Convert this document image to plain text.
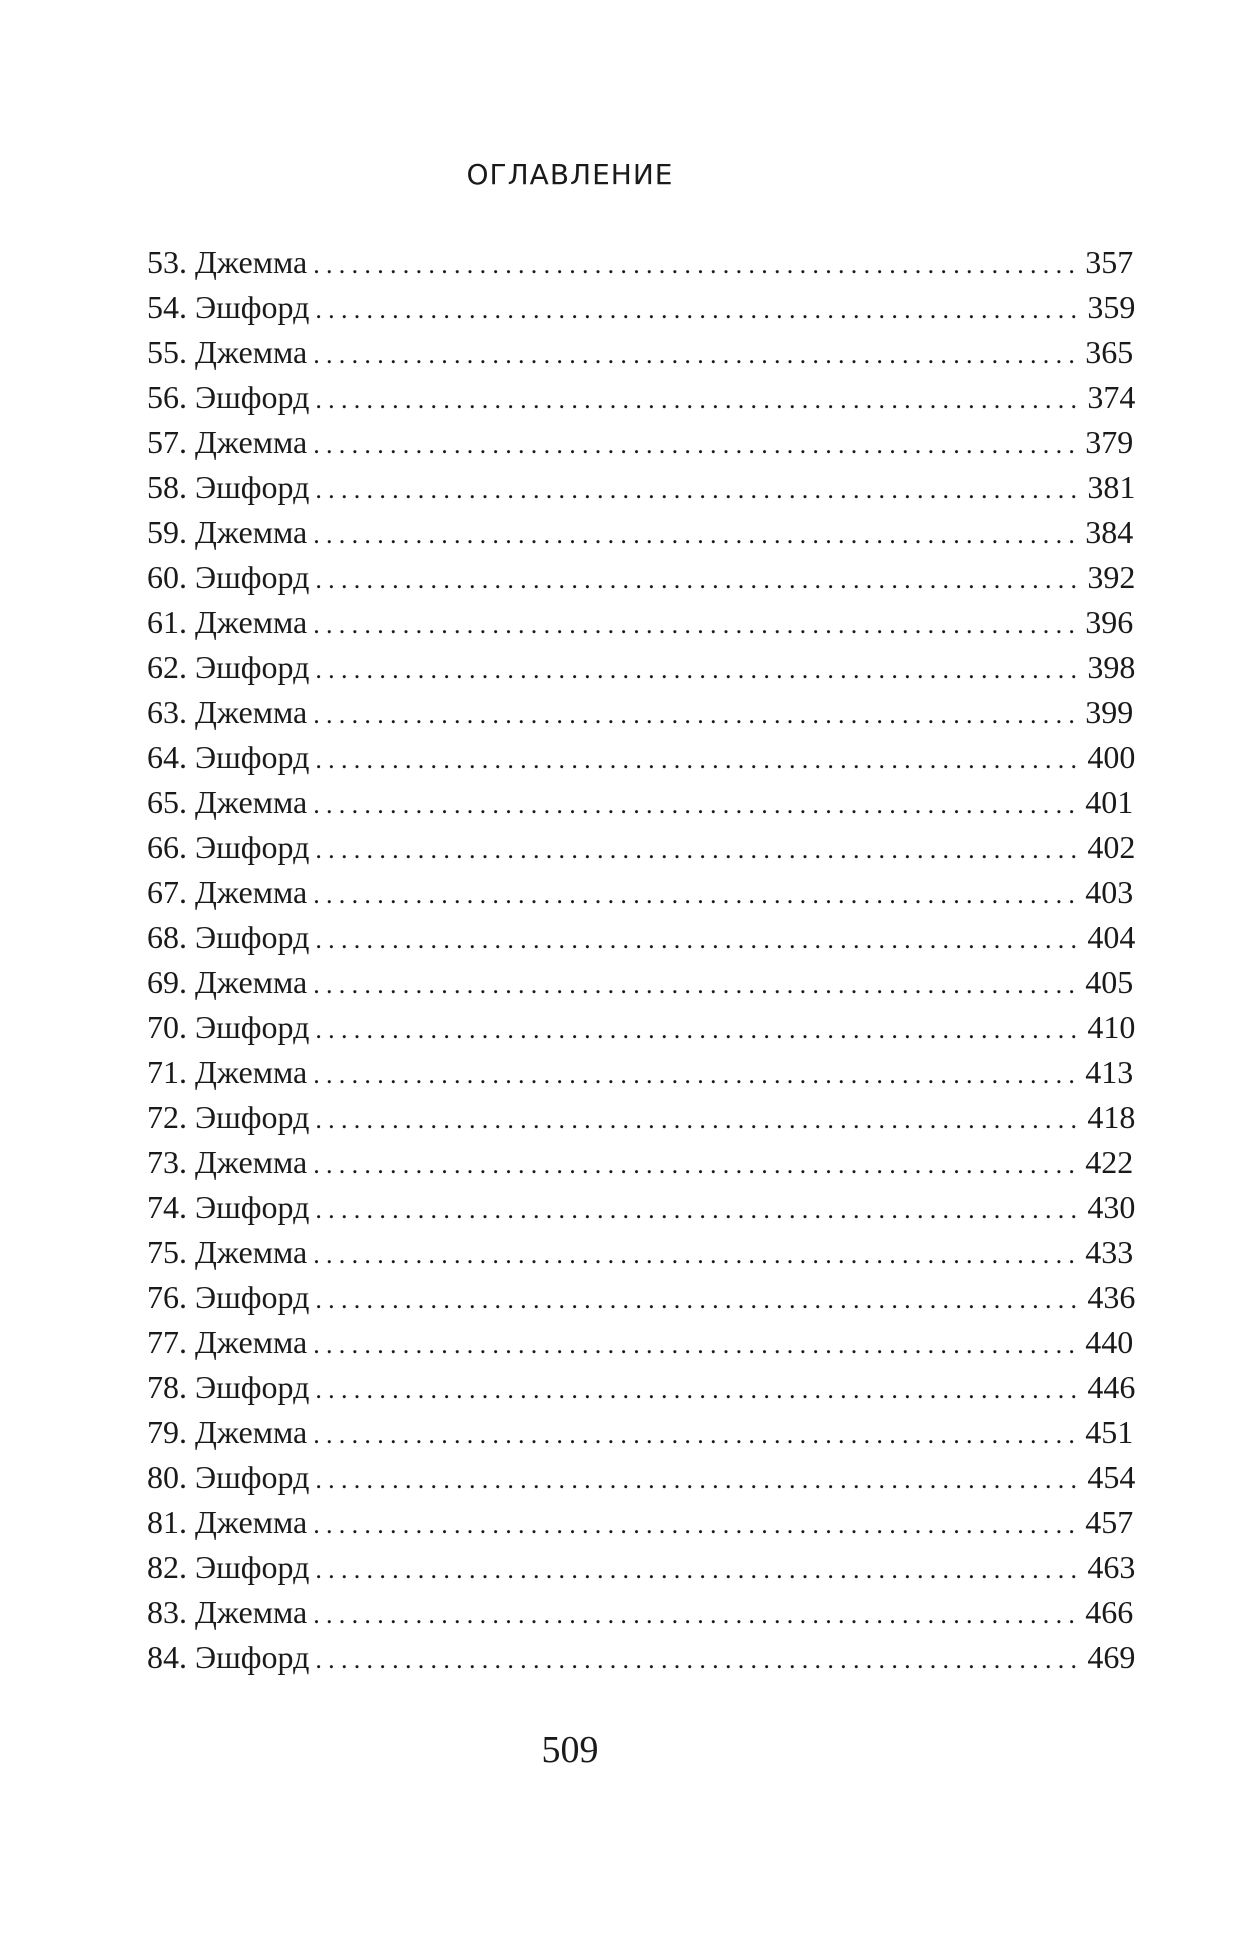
ОГЛАВЛЕНИЕ
53. Джемма ............................................................ 357
54. Эшфорд ............................................................ 359
55. Джемма ............................................................ 365
56. Эшфорд ............................................................ 374
57. Джемма ............................................................ 379
58. Эшфорд ............................................................ 381
59. Джемма ............................................................ 384
60. Эшфорд ............................................................ 392
61. Джемма ............................................................ 396
62. Эшфорд ............................................................ 398
63. Джемма ............................................................ 399
64. Эшфорд ............................................................ 400
65. Джемма ............................................................ 401
66. Эшфорд ............................................................ 402
67. Джемма ............................................................ 403
68. Эшфорд ............................................................ 404
69. Джемма ............................................................ 405
70. Эшфорд ............................................................ 410
71. Джемма ............................................................ 413
72. Эшфорд ............................................................ 418
73. Джемма ............................................................ 422
74. Эшфорд ............................................................ 430
75. Джемма ............................................................ 433
76. Эшфорд ............................................................ 436
77. Джемма ............................................................ 440
78. Эшфорд ............................................................ 446
79. Джемма ............................................................ 451
80. Эшфорд ............................................................ 454
81. Джемма ............................................................ 457
82. Эшфорд ............................................................ 463
83. Джемма ............................................................ 466
84. Эшфорд ............................................................ 469
509
